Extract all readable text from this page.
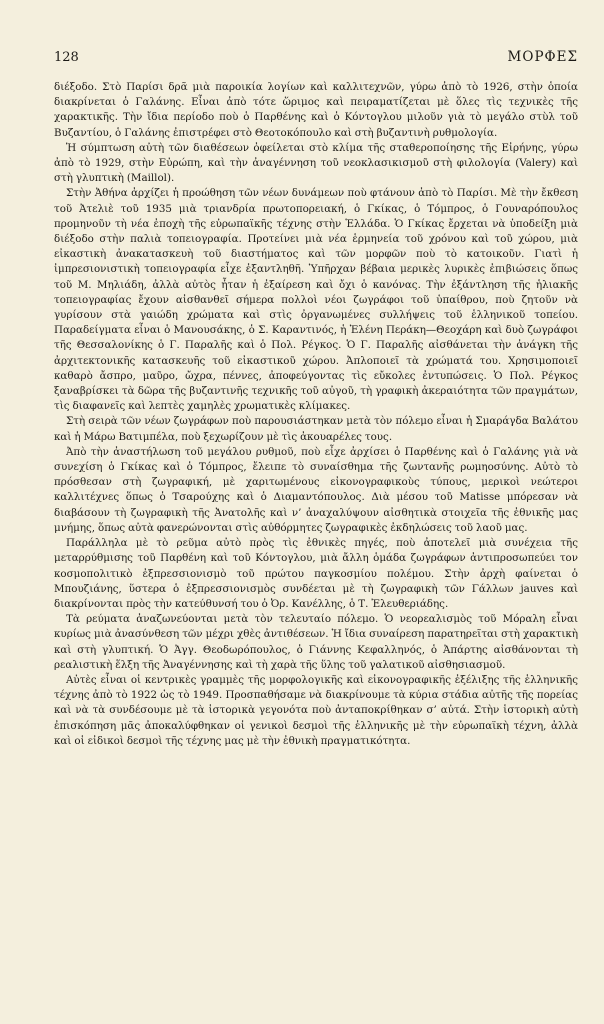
128	ΜΟΡΦΕΣ

διέξοδο. Στὸ Παρίσι δρᾶ μιὰ παροικία λογίων καὶ καλλιτεχνῶν, γύρω ἀπὸ τὸ 1926, στὴν ὁποία διακρίνεται ὁ Γαλάνης. Εἶναι ἀπὸ τότε ὥριμος καὶ πειραματίζεται μὲ ὅλες τὶς τεχνικὲς τῆς χαρακτικῆς. Τὴν ἴδια περίοδο ποὺ ὁ Παρθένης καὶ ὁ Κόντογλου μιλοῦν γιὰ τὸ μεγάλο στὺλ τοῦ Βυζαντίου, ὁ Γαλάνης ἐπιστρέφει στὸ Θεοτοκόπουλο καὶ στὴ βυζαντινὴ ρυθμολογία.

Ἡ σύμπτωση αὐτὴ τῶν διαθέσεων ὀφείλεται στὸ κλίμα τῆς σταθεροποίησης τῆς Εἰρήνης, γύρω ἀπὸ τὸ 1929, στὴν Εὐρώπη, καὶ τὴν ἀναγέννηση τοῦ νεοκλασικισμοῦ στὴ φιλολογία (Valery) καὶ στὴ γλυπτικὴ (Maillol).

Στὴν Ἀθήνα ἀρχίζει ἡ προώθηση τῶν νέων δυνάμεων ποὺ φτάνουν ἀπὸ τὸ Παρίσι. Μὲ τὴν ἔκθεση τοῦ Ἀτελιὲ τοῦ 1935 μιὰ τριανδρία πρωτοπορειακή, ὁ Γκίκας, ὁ Τόμπρος, ὁ Γουναρόπουλος προμηνοῦν τὴ νέα ἐποχὴ τῆς εὐρωπαϊκῆς τέχνης στὴν Ἑλλάδα. Ὁ Γκίκας ἔρχεται νὰ ὑποδείξη μιὰ διέξοδο στὴν παλιὰ τοπειογραφία. Προτείνει μιὰ νέα ἑρμηνεία τοῦ χρόνου καὶ τοῦ χώρου, μιὰ εἰκαστικὴ ἀνακατασκευὴ τοῦ διαστήματος καὶ τῶν μορφῶν ποὺ τὸ κατοικοῦν. Γιατὶ ἡ ἰμπρεσιονιστικὴ τοπειογραφία εἶχε ἐξαντληθῆ. Ὑπῆρχαν βέβαια μερικὲς λυρικὲς ἐπιβιώσεις ὅπως τοῦ Μ. Μηλιάδη, ἀλλὰ αὐτὸς ἦταν ἡ ἐξαίρεση καὶ ὄχι ὁ κανόνας. Τὴν ἐξάντληση τῆς ἡλιακῆς τοπειογραφίας ἔχουν αἰσθανθεῖ σήμερα πολλοὶ νέοι ζωγράφοι τοῦ ὑπαίθρου, ποὺ ζητοῦν νὰ γυρίσουν στὰ γαιώδη χρώματα καὶ στὶς ὀργανωμένες συλλήψεις τοῦ ἑλληνικοῦ τοπείου. Παραδείγματα εἶναι ὁ Μανουσάκης, ὁ Σ. Καραντινός, ἡ Ἑλένη Περάκη—Θεοχάρη καὶ δυὸ ζωγράφοι τῆς Θεσσαλονίκης ὁ Γ. Παραλῆς καὶ ὁ Πολ. Ρέγκος. Ὁ Γ. Παραλῆς αἰσθάνεται τὴν ἀνάγκη τῆς ἀρχιτεκτονικῆς κατασκευῆς τοῦ εἰκαστικοῦ χώρου. Ἀπλοποιεῖ τὰ χρώματά του. Χρησιμοποιεῖ καθαρὸ ἄσπρο, μαῦρο, ὤχρα, πέννες, ἀποφεύγοντας τὶς εὔκολες ἐντυπώσεις. Ὁ Πολ. Ρέγκος ξαναβρίσκει τὰ δῶρα τῆς βυζαντινῆς τεχνικῆς τοῦ αὐγοῦ, τὴ γραφικὴ ἀκεραιότητα τῶν πραγμάτων, τὶς διαφανεῖς καὶ λεπτὲς χαμηλὲς χρωματικὲς κλίμακες.

Στὴ σειρὰ τῶν νέων ζωγράφων ποὺ παρουσιάστηκαν μετὰ τὸν πόλεμο εἶναι ἡ Σμαράγδα Βαλάτου καὶ ἡ Μάρω Βατιμπέλα, ποὺ ξεχωρίζουν μὲ τὶς ἀκουαρέλες τους.

Ἀπὸ τὴν ἀναστήλωση τοῦ μεγάλου ρυθμοῦ, ποὺ εἶχε ἀρχίσει ὁ Παρθένης καὶ ὁ Γαλάνης γιὰ νὰ συνεχίση ὁ Γκίκας καὶ ὁ Τόμπρος, ἔλειπε τὸ συναίσθημα τῆς ζωντανῆς ρωμηοσύνης. Αὐτὸ τὸ πρόσθεσαν στὴ ζωγραφική, μὲ χαριτωμένους εἰκονογραφικοὺς τύπους, μερικοὶ νεώτεροι καλλιτέχνες ὅπως ὁ Τσαρούχης καὶ ὁ Διαμαντόπουλος. Διὰ μέσου τοῦ Matisse μπόρεσαν νὰ διαβάσουν τὴ ζωγραφικὴ τῆς Ἀνατολῆς καὶ ν’ ἀναχαλύψουν αἰσθητικὰ στοιχεῖα τῆς ἐθνικῆς μας μνήμης, ὅπως αὐτὰ φανερώνονται στὶς αὐθόρμητες ζωγραφικὲς ἐκδηλώσεις τοῦ λαοῦ μας.

Παράλληλα μὲ τὸ ρεῦμα αὐτὸ πρὸς τὶς ἐθνικὲς πηγές, ποὺ ἀποτελεῖ μιὰ συνέχεια τῆς μεταρρύθμισης τοῦ Παρθένη καὶ τοῦ Κόντογλου, μιὰ ἄλλη ὁμάδα ζωγράφων ἀντιπροσωπεύει τον κοσμοπολιτικὸ ἐξπρεσσιονισμὸ τοῦ πρώτου παγκοσμίου πολέμου. Στὴν ἀρχὴ φαίνεται ὁ Μπουζιάνης, ὕστερα ὁ ἐξπρεσσιονισμὸς συνδέεται μὲ τὴ ζωγραφικὴ τῶν Γάλλων jauves καὶ διακρίνονται πρὸς τὴν κατεύθυνσή του ὁ Ὀρ. Κανέλλης, ὁ Τ. Ἐλευθεριάδης.

Τὰ ρεύματα ἀναζωνεύονται μετὰ τὸν τελευταίο πόλεμο. Ὁ νεορεαλισμὸς τοῦ Μόραλη εἶναι κυρίως μιὰ ἀνασύνθεση τῶν μέχρι χθὲς ἀντιθέσεων. Ἡ ἴδια συναίρεση παρατηρεῖται στὴ χαρακτικὴ καὶ στὴ γλυπτική. Ὁ Ἀγγ. Θεοδωρόπουλος, ὁ Γιάννης Κεφαλληνός, ὁ Ἀπάρτης αἰσθάνονται τὴ ρεαλιστικὴ ἕλξη τῆς Ἀναγέννησης καὶ τὴ χαρὰ τῆς ὕλης τοῦ γαλατικοῦ αἰσθησιασμοῦ.

Αὐτὲς εἶναι οἱ κεντρικὲς γραμμὲς τῆς μορφολογικῆς καὶ εἰκονογραφικῆς ἐξέλιξης τῆς ἑλληνικῆς τέχνης ἀπὸ τὸ 1922 ὡς τὸ 1949. Προσπαθήσαμε νὰ διακρίνουμε τὰ κύρια στάδια αὐτῆς τῆς πορείας καὶ νὰ τὰ συνδέσουμε μὲ τὰ ἱστορικὰ γεγονότα ποὺ ἀνταποκρίθηκαν σ’ αὐτά. Στὴν ἱστορικὴ αὐτὴ ἐπισκόπηση μᾶς ἀποκαλύφθηκαν οἱ γενικοὶ δεσμοὶ τῆς ἑλληνικῆς μὲ τὴν εὐρωπαϊκὴ τέχνη, ἀλλὰ καὶ οἱ εἰδικοὶ δεσμοὶ τῆς τέχνης μας μὲ τὴν ἐθνικὴ πραγματικότητα.
